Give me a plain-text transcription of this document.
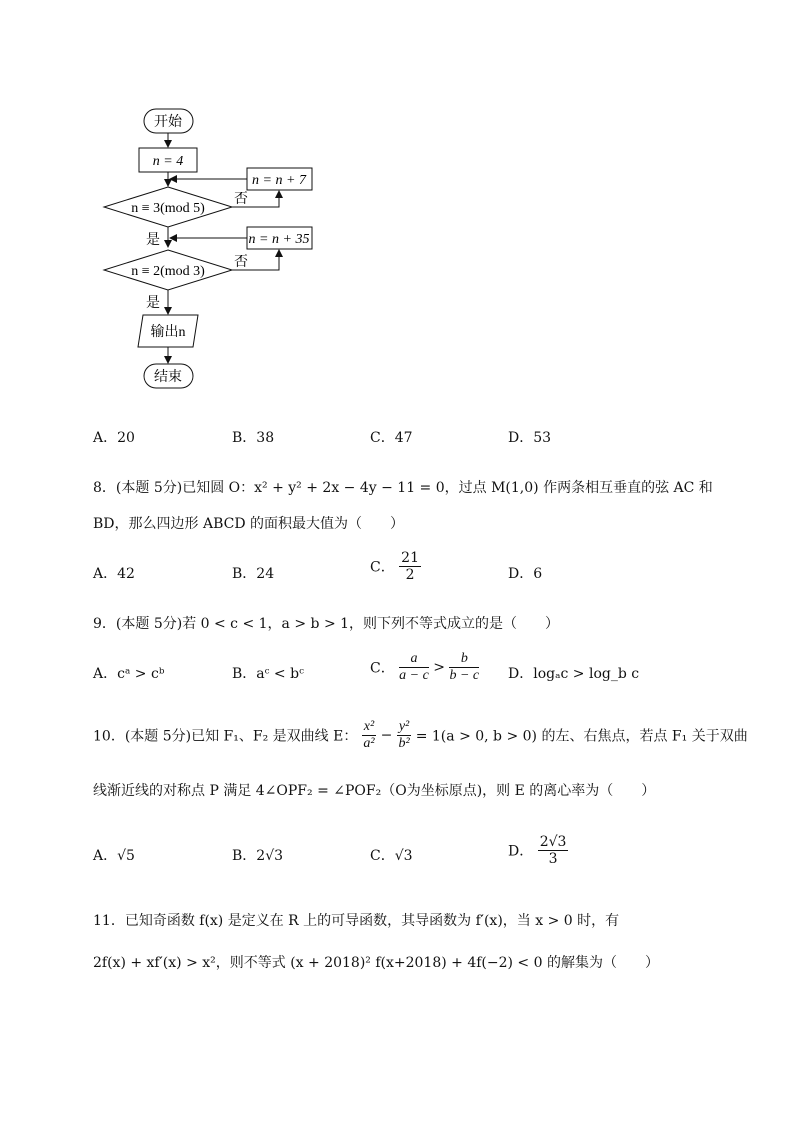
开始
n = 4
n = n + 7
n ≡ 3(mod 5)
否
是	n = n + 35
n ≡ 2(mod 3)
否
是
输出n
结束
A．20	B．38	C．47	D．53
8．(本题 5分)已知圆 O：x² + y² + 2x − 4y − 11 = 0，过点 M(1,0) 作两条相互垂直的弦 AC 和
BD，那么四边形 ABCD 的面积最大值为（　　）
A．42	B．24	C． $\frac{21}{2}$	D．6
9．(本题 5分)若 0 < c < 1，a > b > 1，则下列不等式成立的是（　　）
A．cᵃ > cᵇ	B．aᶜ < bᶜ	C． $\frac{a}{a - c} > \frac{b}{b - c}$ D．logₐc > log_b c
10．(本题 5分)已知 F₁、F₂ 是双曲线 E： $\frac{\text{x²}}{\text{a²}} - \frac{\text{y²}}{\text{b²}} = 1(a > 0$, b > 0) 的左、右焦点，若点 F₁ 关于双曲
线渐近线的对称点 P 满足 4∠OPF₂ = ∠POF₂（O为坐标原点)，则 E 的离心率为（　　）
A．√5	B．2√3	C．√3	D． $\frac{2√3}{3}$
11．已知奇函数 f(x) 是定义在 R 上的可导函数，其导函数为 f′(x)，当 x > 0 时，有
2f(x) + xf′(x) > x²，则不等式 (x + 2018)² f(x+2018) + 4f(−2) < 0 的解集为（　　）
